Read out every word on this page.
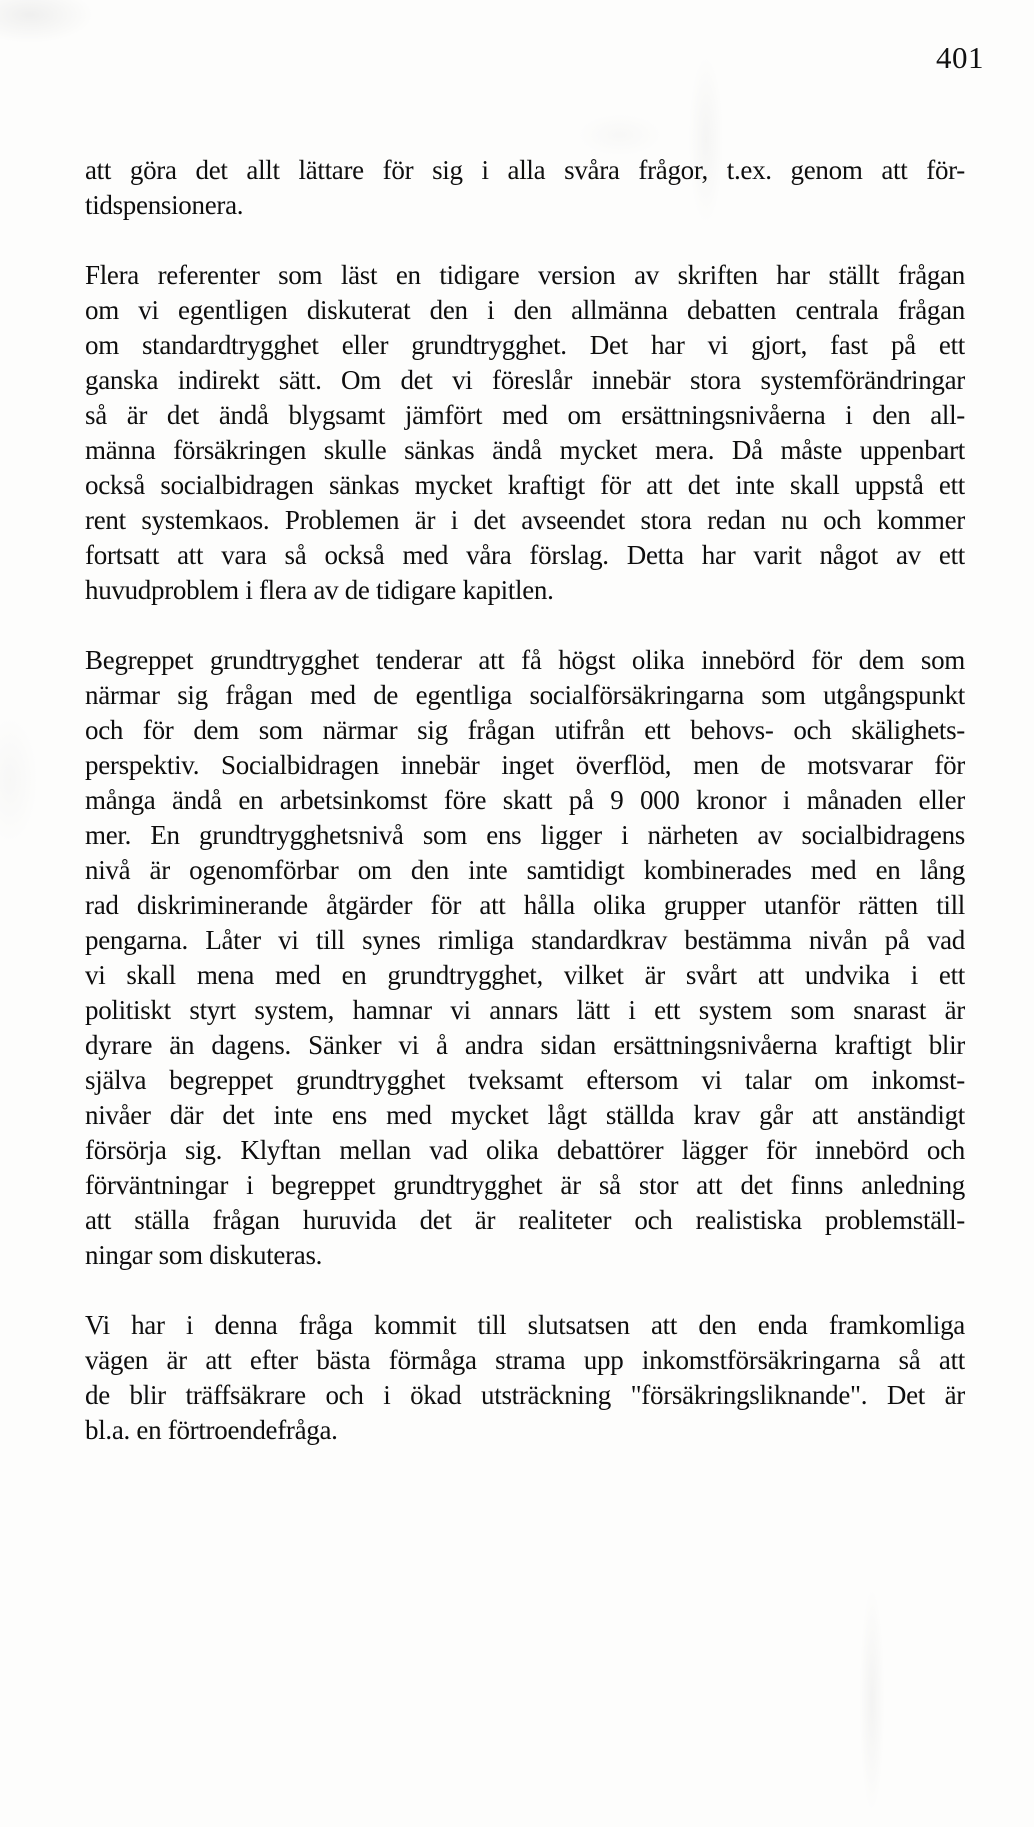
401

att göra det allt lättare för sig i alla svåra frågor, t.ex. genom att för-
tidspensionera.

Flera referenter som läst en tidigare version av skriften har ställt frågan
om vi egentligen diskuterat den i den allmänna debatten centrala frågan
om standardtrygghet eller grundtrygghet. Det har vi gjort, fast på ett
ganska indirekt sätt. Om det vi föreslår innebär stora systemförändringar
så är det ändå blygsamt jämfört med om ersättningsnivåerna i den all-
männa försäkringen skulle sänkas ändå mycket mera. Då måste uppenbart
också socialbidragen sänkas mycket kraftigt för att det inte skall uppstå ett
rent systemkaos. Problemen är i det avseendet stora redan nu och kommer
fortsatt att vara så också med våra förslag. Detta har varit något av ett
huvudproblem i flera av de tidigare kapitlen.

Begreppet grundtrygghet tenderar att få högst olika innebörd för dem som
närmar sig frågan med de egentliga socialförsäkringarna som utgångspunkt
och för dem som närmar sig frågan utifrån ett behovs- och skälighets-
perspektiv. Socialbidragen innebär inget överflöd, men de motsvarar för
många ändå en arbetsinkomst före skatt på 9 000 kronor i månaden eller
mer. En grundtrygghetsnivå som ens ligger i närheten av socialbidragens
nivå är ogenomförbar om den inte samtidigt kombinerades med en lång
rad diskriminerande åtgärder för att hålla olika grupper utanför rätten till
pengarna. Låter vi till synes rimliga standardkrav bestämma nivån på vad
vi skall mena med en grundtrygghet, vilket är svårt att undvika i ett
politiskt styrt system, hamnar vi annars lätt i ett system som snarast är
dyrare än dagens. Sänker vi å andra sidan ersättningsnivåerna kraftigt blir
själva begreppet grundtrygghet tveksamt eftersom vi talar om inkomst-
nivåer där det inte ens med mycket lågt ställda krav går att anständigt
försörja sig. Klyftan mellan vad olika debattörer lägger för innebörd och
förväntningar i begreppet grundtrygghet är så stor att det finns anledning
att ställa frågan huruvida det är realiteter och realistiska problemställ-
ningar som diskuteras.

Vi har i denna fråga kommit till slutsatsen att den enda framkomliga
vägen är att efter bästa förmåga strama upp inkomstförsäkringarna så att
de blir träffsäkrare och i ökad utsträckning "försäkringsliknande". Det är
bl.a. en förtroendefråga.
